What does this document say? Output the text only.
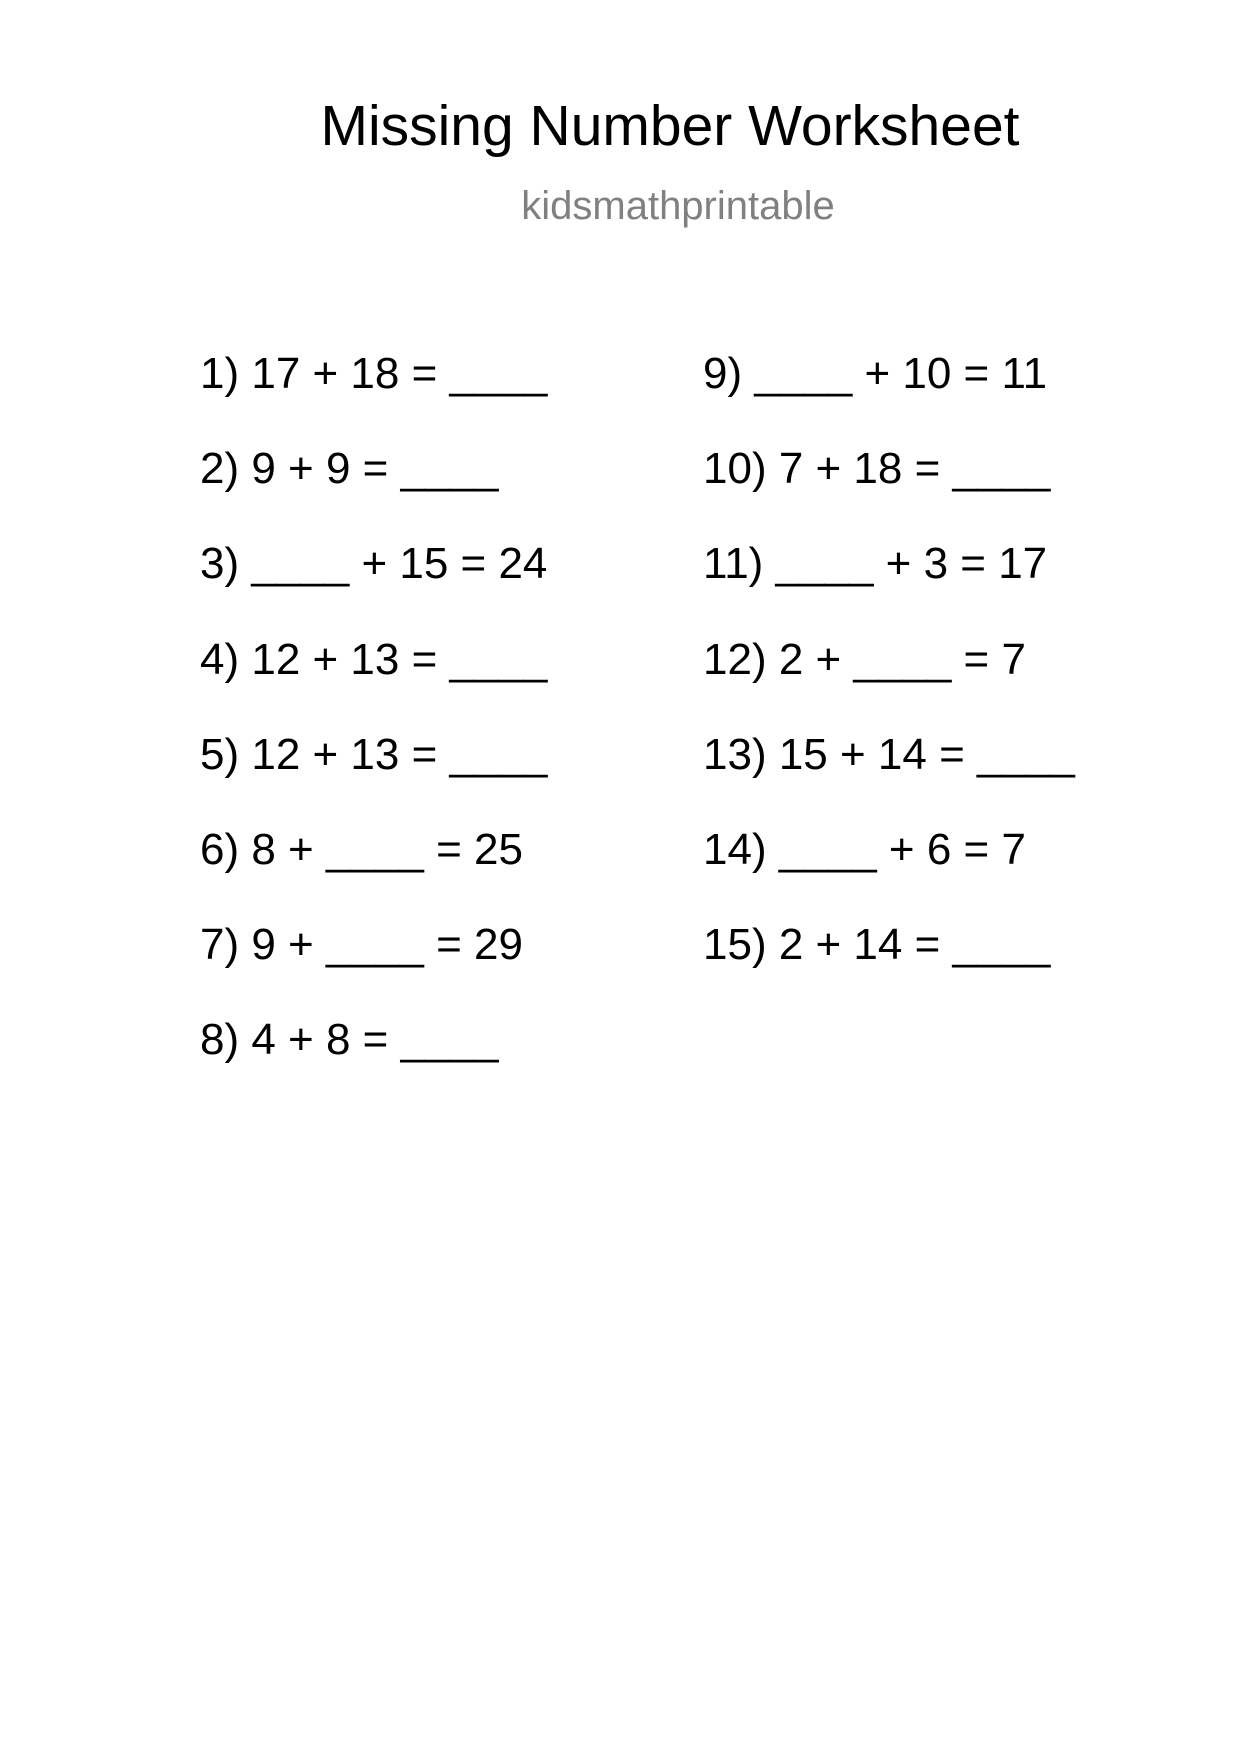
Missing Number Worksheet
kidsmathprintable
1) 17 + 18 = ____
2) 9 + 9 = ____
3) ____ + 15 = 24
4) 12 + 13 = ____
5) 12 + 13 = ____
6) 8 + ____ = 25
7) 9 + ____ = 29
8) 4 + 8 = ____
9) ____ + 10 = 11
10) 7 + 18 = ____
11) ____ + 3 = 17
12) 2 + ____ = 7
13) 15 + 14 = ____
14) ____ + 6 = 7
15) 2 + 14 = ____
